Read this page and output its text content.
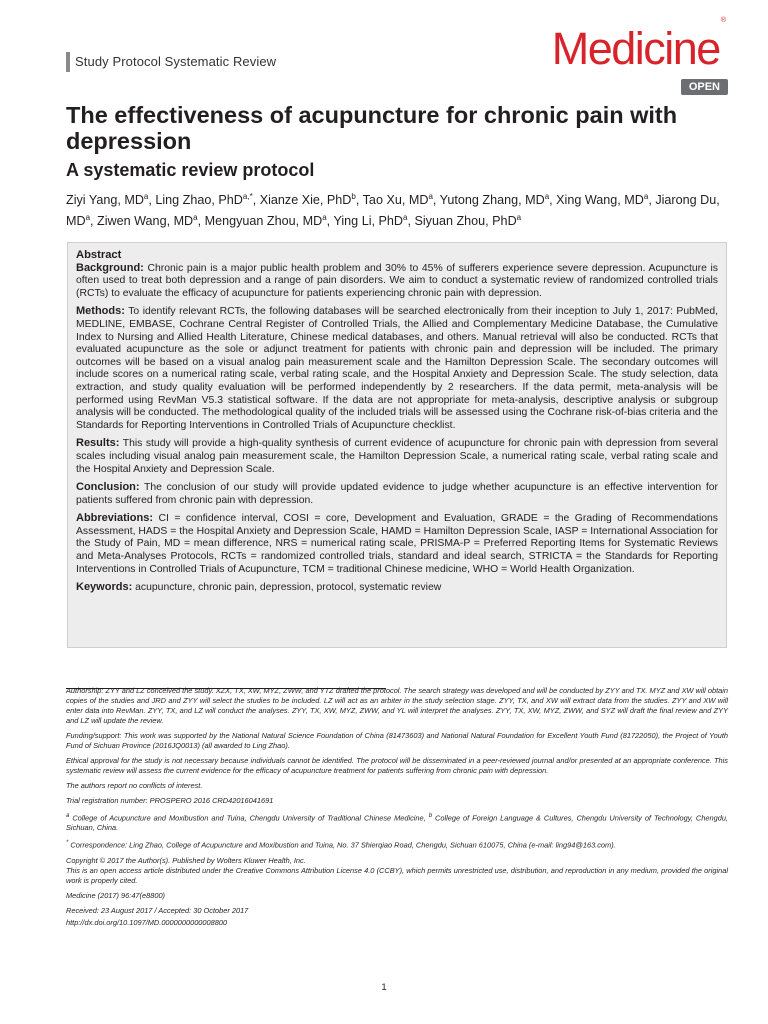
Study Protocol Systematic Review	Medicine®
OPEN
The effectiveness of acupuncture for chronic pain with depression
A systematic review protocol
Ziyi Yang, $MD^a$, Ling Zhao, PhD$^{a,*}$, Xianze Xie, PhD$^b$, Tao Xu, $MD^a$, Yutong Zhang, $MD^a$, Xing Wang, $MD^a$, Jiarong Du, $MD^a$, Ziwen Wang, $MD^a$, Mengyuan Zhou, $MD^a$, Ying Li, PhD$^a$, Siyuan Zhou, PhD$^a$
Abstract

Background: Chronic pain is a major public health problem and 30% to 45% of sufferers experience severe depression. Acupuncture is often used to treat both depression and a range of pain disorders. We aim to conduct a systematic review of randomized controlled trials (RCTs) to evaluate the efficacy of acupuncture for patients experiencing chronic pain with depression.

Methods: To identify relevant RCTs, the following databases will be searched electronically from their inception to July 1, 2017: PubMed, MEDLINE, EMBASE, Cochrane Central Register of Controlled Trials, the Allied and Complementary Medicine Database, the Cumulative Index to Nursing and Allied Health Literature, Chinese medical databases, and others. Manual retrieval will also be conducted. RCTs that evaluated acupuncture as the sole or adjunct treatment for patients with chronic pain and depression will be included. The primary outcomes will be based on a visual analog pain measurement scale and the Hamilton Depression Scale. The secondary outcomes will include scores on a numerical rating scale, verbal rating scale, and the Hospital Anxiety and Depression Scale. The study selection, data extraction, and study quality evaluation will be performed independently by 2 researchers. If the data permit, meta-analysis will be performed using RevMan V5.3 statistical software. If the data are not appropriate for meta-analysis, descriptive analysis or subgroup analysis will be conducted. The methodological quality of the included trials will be assessed using the Cochrane risk-of-bias criteria and the Standards for Reporting Interventions in Controlled Trials of Acupuncture checklist.

Results: This study will provide a high-quality synthesis of current evidence of acupuncture for chronic pain with depression from several scales including visual analog pain measurement scale, the Hamilton Depression Scale, a numerical rating scale, verbal rating scale and the Hospital Anxiety and Depression Scale.

Conclusion: The conclusion of our study will provide updated evidence to judge whether acupuncture is an effective intervention for patients suffered from chronic pain with depression.

Abbreviations: CI = confidence interval, COSI = core, Development and Evaluation, GRADE = the Grading of Recommendations Assessment, HADS = the Hospital Anxiety and Depression Scale, HAMD = Hamilton Depression Scale, IASP = International Association for the Study of Pain, MD = mean difference, NRS = numerical rating scale, PRISMA-P = Preferred Reporting Items for Systematic Reviews and Meta-Analyses Protocols, RCTs = randomized controlled trials, standard and ideal search, STRICTA = the Standards for Reporting Interventions in Controlled Trials of Acupuncture, TCM = traditional Chinese medicine, WHO = World Health Organization.

Keywords: acupuncture, chronic pain, depression, protocol, systematic review

Authorship: ZYY and LZ conceived the study. XZX, TX, XW, MYZ, ZWW, and YTZ drafted the protocol. The search strategy was developed and will be conducted by ZYY and TX. MYZ and XW will obtain copies of the studies and JRD and ZYY will select the studies to be included. LZ will act as an arbiter in the study selection stage. ZYY, TX, and XW will extract data from the studies. ZYY and XW will enter data into RevMan. ZYY, TX, and LZ will conduct the analyses. ZYY, TX, XW, MYZ, ZWW, and YL will interpret the analyses. ZYY, TX, XW, MYZ, ZWW, and SYZ will draft the final review and ZYY and LZ will update the review.

Funding/support: This work was supported by the National Natural Science Foundation of China (81473603) and National Natural Foundation for Excellent Youth Fund (81722050), the Project of Youth Fund of Sichuan Province (2016JQ0013) (all awarded to Ling Zhao).

Ethical approval for the study is not necessary because individuals cannot be identified. The protocol will be disseminated in a peer-reviewed journal and/or presented at an appropriate conference. This systematic review will assess the current evidence for the efficacy of acupuncture treatment for patients suffering from chronic pain with depression.

The authors report no conflicts of interest.

Trial registration number: PROSPERO 2016 CRD42016041691

$^a$ College of Acupuncture and Moxibustion and Tuina, Chengdu University of Traditional Chinese Medicine, $^b$ College of Foreign Language & Cultures, Chengdu University of Technology, Chengdu, Sichuan, China.

* Correspondence: Ling Zhao, College of Acupuncture and Moxibustion and Tuina, No. 37 Shierqiao Road, Chengdu, Sichuan 610075, China (e-mail: ling94@163.com).

Copyright © 2017 the Author(s). Published by Wolters Kluwer Health, Inc.
This is an open access article distributed under the Creative Commons Attribution License 4.0 (CCBY), which permits unrestricted use, distribution, and reproduction in any medium, provided the original work is properly cited.

Medicine (2017) 96:47(e8800)

Received: 23 August 2017 / Accepted: 30 October 2017

http://dx.doi.org/10.1097/MD.0000000000008800

1
